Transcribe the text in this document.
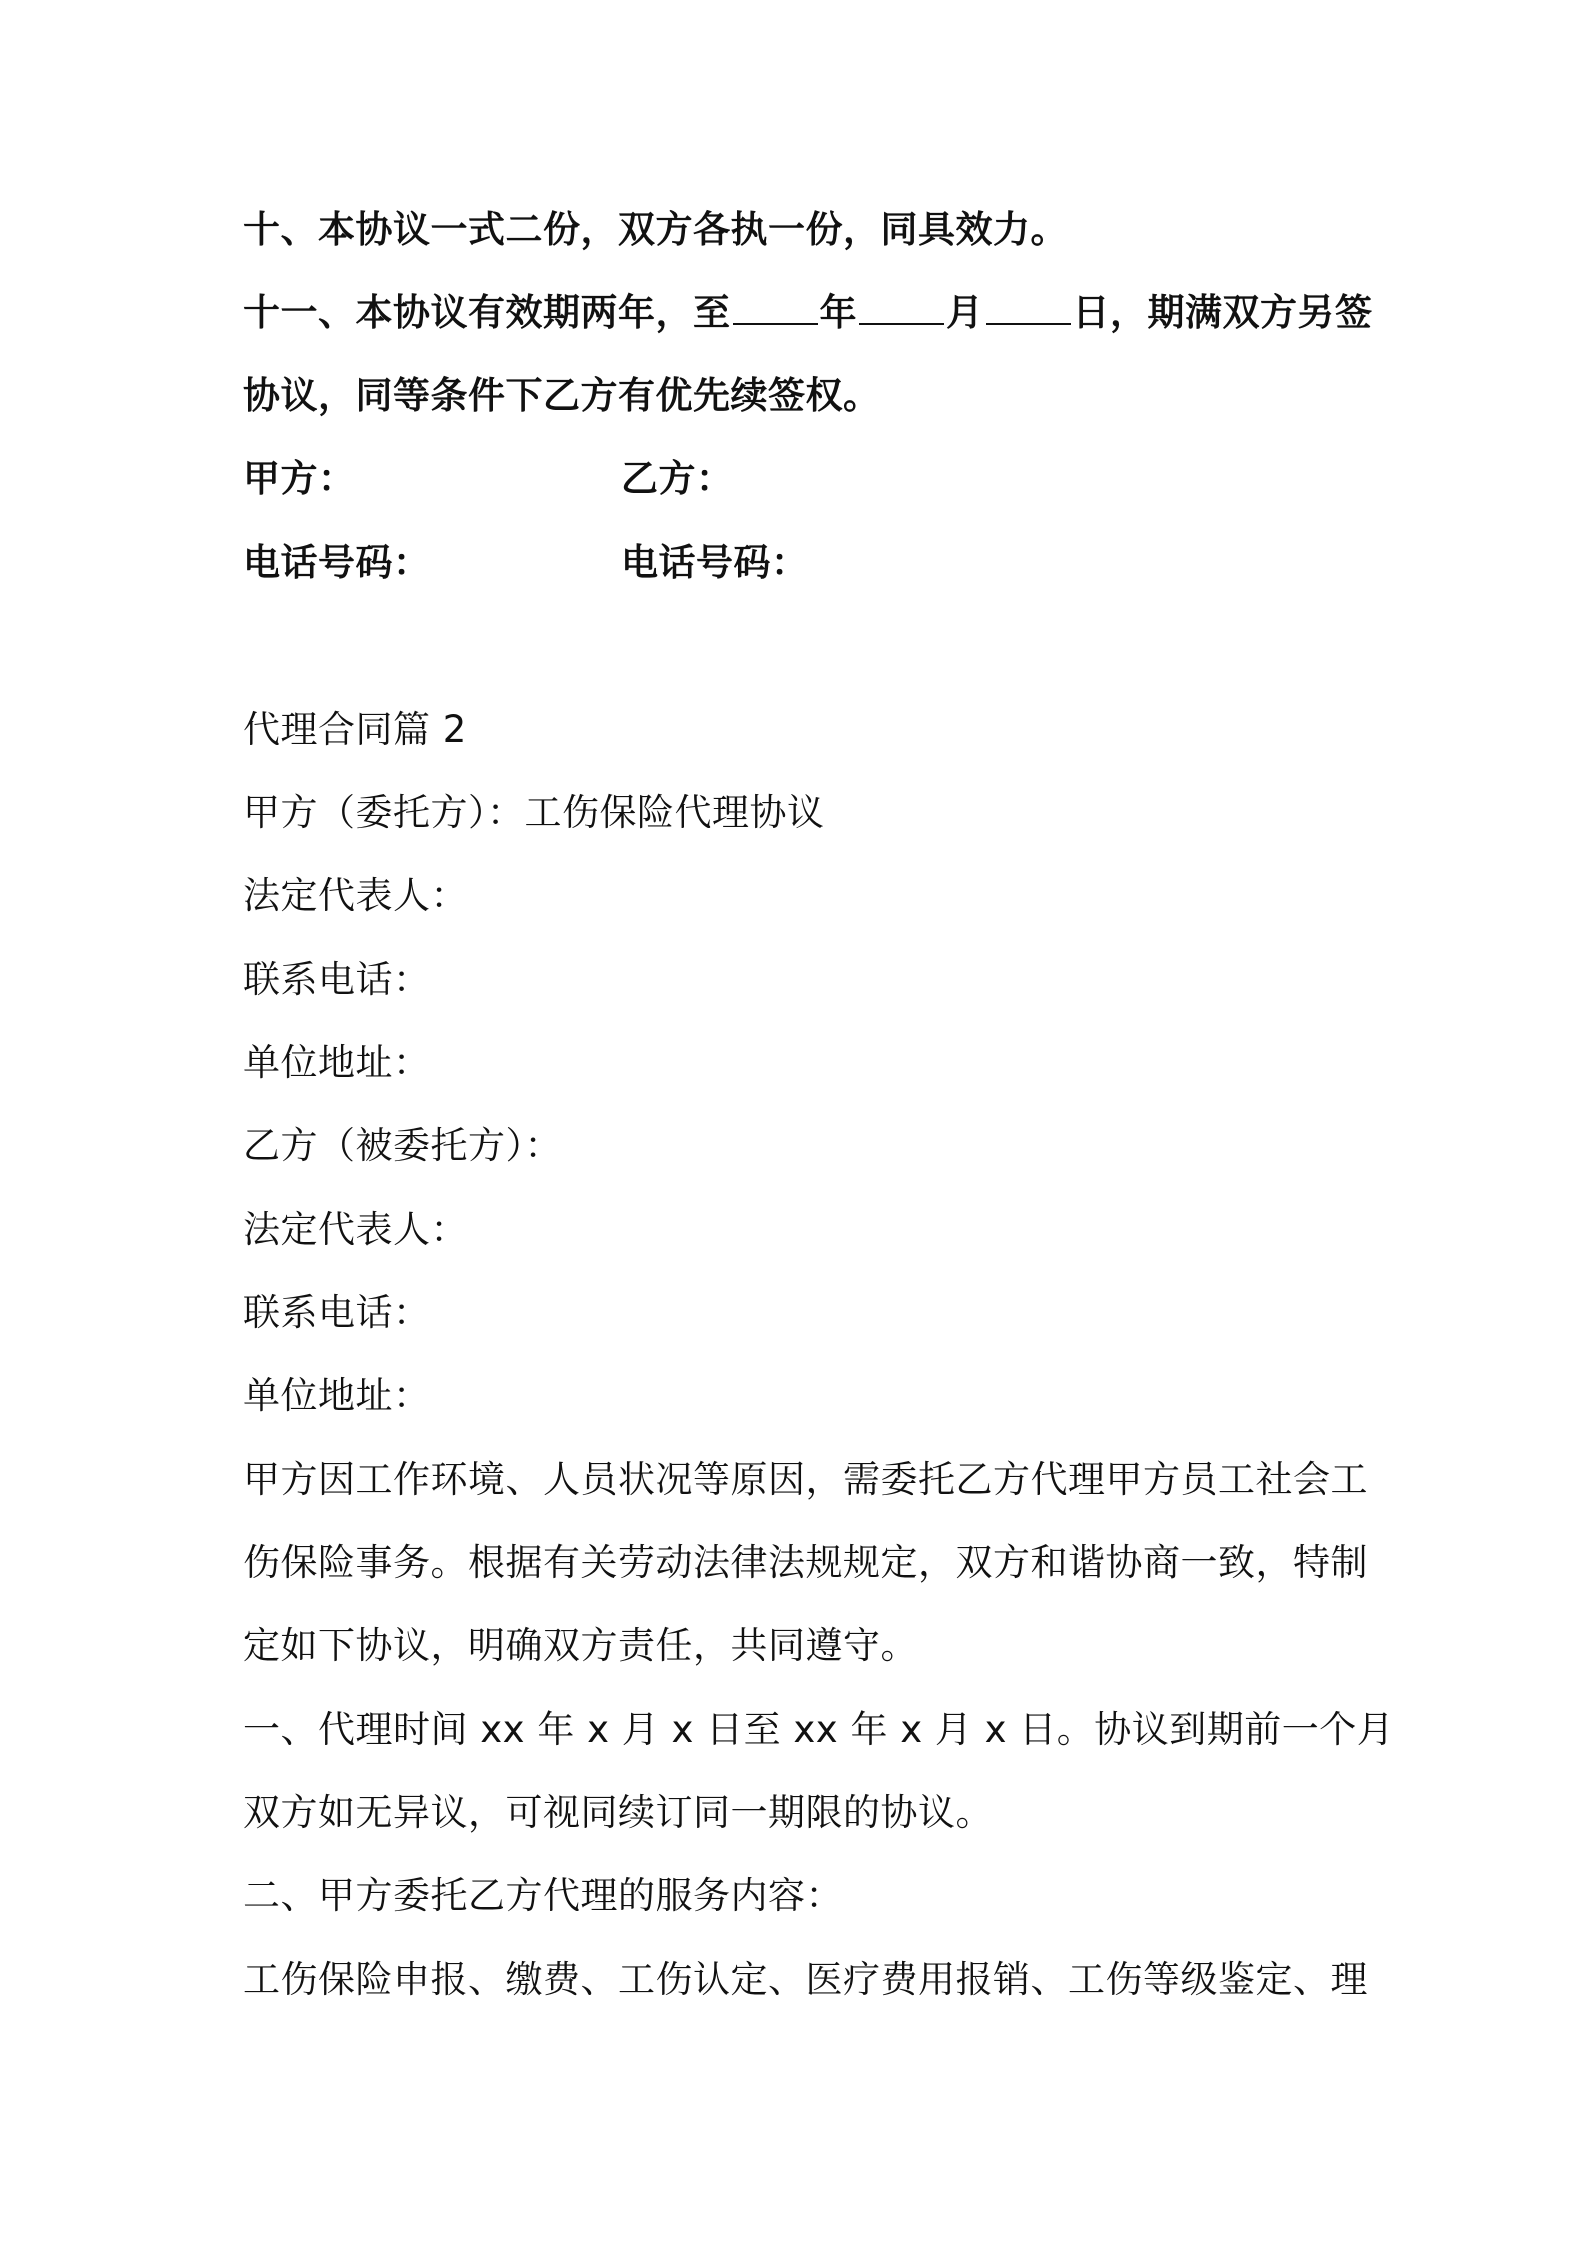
十、本协议一式二份，双方各执一份，同具效力。
十一、本协议有效期两年，至 年 月 日，期满双方另签
协议，同等条件下乙方有优先续签权。
甲方：	乙方：
电话号码：	电话号码：
代理合同篇 2
甲方（委托方）：工伤保险代理协议
法定代表人：
联系电话：
单位地址：
乙方（被委托方）：
法定代表人：
联系电话：
单位地址：
甲方因工作环境、人员状况等原因，需委托乙方代理甲方员工社会工
伤保险事务。根据有关劳动法律法规规定，双方和谐协商一致，特制
定如下协议，明确双方责任，共同遵守。
一、代理时间 xx 年 x 月 x 日至 xx 年 x 月 x 日。协议到期前一个月
双方如无异议，可视同续订同一期限的协议。
二、甲方委托乙方代理的服务内容：
工伤保险申报、缴费、工伤认定、医疗费用报销、工伤等级鉴定、理
